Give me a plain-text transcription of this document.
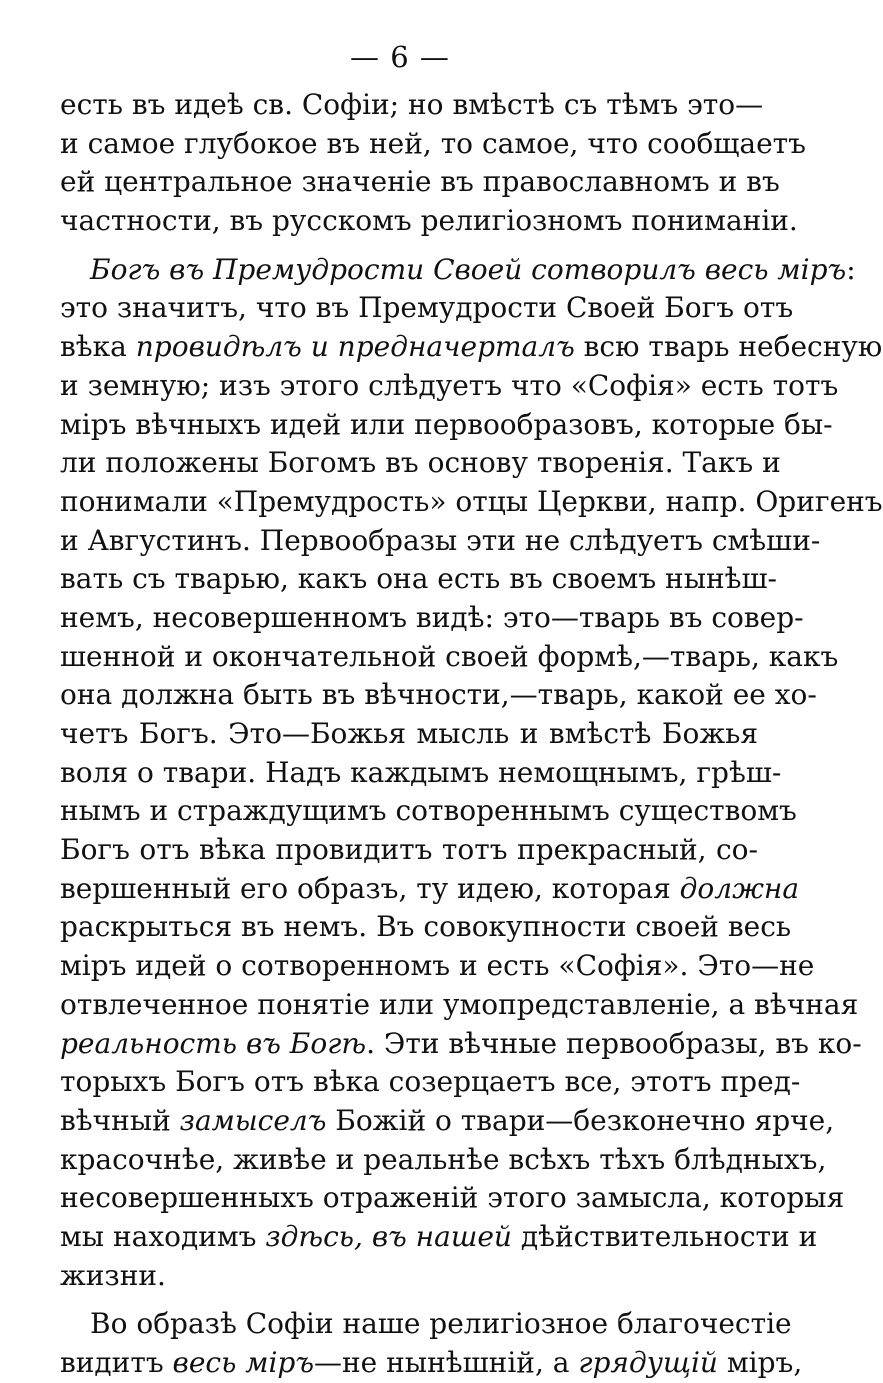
— 6 —
есть въ идеѣ св. Софіи; но вмѣстѣ съ тѣмъ это—
и самое глубокое въ ней, то самое, что сообщаетъ
ей центральное значеніе въ православномъ и въ
частности, въ русскомъ религіозномъ пониманіи.
Богъ въ Премудрости Своей сотворилъ весь міръ:
это значитъ, что въ Премудрости Своей Богъ отъ
вѣка провидѣлъ и предначерталъ всю тварь небесную
и земную; изъ этого слѣдуетъ что «Софія» есть тотъ
міръ вѣчныхъ идей или первообразовъ, которые бы-
ли положены Богомъ въ основу творенія. Такъ и
понимали «Премудрость» отцы Церкви, напр. Оригенъ
и Августинъ. Первообразы эти не слѣдуетъ смѣши-
вать съ тварью, какъ она есть въ своемъ нынѣш-
немъ, несовершенномъ видѣ: это—тварь въ совер-
шенной и окончательной своей формѣ,—тварь, какъ
она должна быть въ вѣчности,—тварь, какой ее хо-
четъ Богъ. Это—Божья мысль и вмѣстѣ Божья
воля о твари. Надъ каждымъ немощнымъ, грѣш-
нымъ и страждущимъ сотвореннымъ существомъ
Богъ отъ вѣка провидитъ тотъ прекрасный, со-
вершенный его образъ, ту идею, которая должна
раскрыться въ немъ. Въ совокупности своей весь
міръ идей о сотворенномъ и есть «Софія». Это—не
отвлеченное понятіе или умопредставленіе, а вѣчная
реальность въ Богѣ. Эти вѣчные первообразы, въ ко-
торыхъ Богъ отъ вѣка созерцаетъ все, этотъ пред-
вѣчный замыселъ Божій о твари—безконечно ярче,
красочнѣе, живѣе и реальнѣе всѣхъ тѣхъ блѣдныхъ,
несовершенныхъ отраженій этого замысла, которыя
мы находимъ здѣсь, въ нашей дѣйствительности и
жизни.
Во образѣ Софіи наше религіозное благочестіе
видитъ весь міръ—не нынѣшній, а грядущій міръ,
